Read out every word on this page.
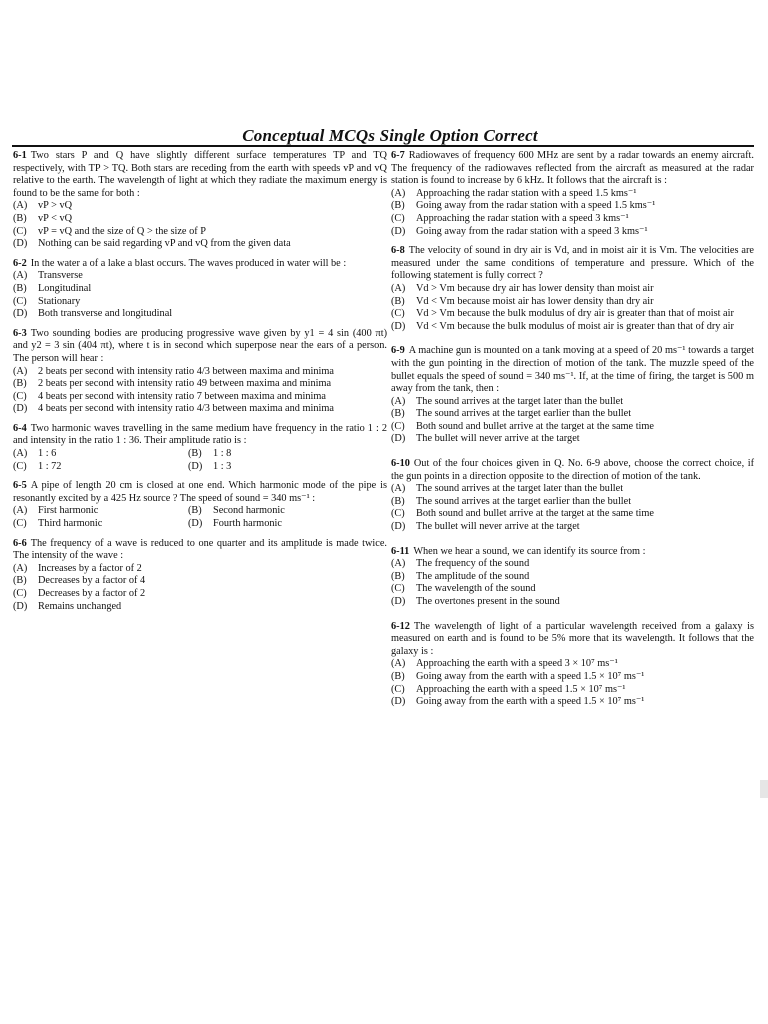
Conceptual MCQs Single Option Correct
6-1 Two stars P and Q have slightly different surface temperatures TP and TQ respectively, with TP > TQ. Both stars are receding from the earth with speeds vP and vQ relative to the earth. The wavelength of light at which they radiate the maximum energy is found to be the same for both :
(A)	vP > vQ
(B)	vP < vQ
(C)	vP = vQ and the size of Q > the size of P
(D)	Nothing can be said regarding vP and vQ from the given data
6-2 In the water a of a lake a blast occurs. The waves produced in water will be :
(A)	Transverse
(B)	Longitudinal
(C)	Stationary
(D)	Both transverse and longitudinal
6-3 Two sounding bodies are producing progressive wave given by y1 = 4 sin (400 πt) and y2 = 3 sin (404 πt), where t is in second which superpose near the ears of a person. The person will hear :
(A)	2 beats per second with intensity ratio 4/3 between maxima and minima
(B)	2 beats per second with intensity ratio 49 between maxima and minima
(C)	4 beats per second with intensity ratio 7 between maxima and minima
(D)	4 beats per second with intensity ratio 4/3 between maxima and minima
6-4 Two harmonic waves travelling in the same medium have frequency in the ratio 1 : 2 and intensity in the ratio 1 : 36. Their amplitude ratio is :
(A)	1 : 6	(B)	1 : 8
(C)	1 : 72	(D)	1 : 3
6-5 A pipe of length 20 cm is closed at one end. Which harmonic mode of the pipe is resonantly excited by a 425 Hz source ? The speed of sound = 340 ms⁻¹ :
(A)	First harmonic	(B)	Second harmonic
(C)	Third harmonic	(D)	Fourth harmonic
6-6 The frequency of a wave is reduced to one quarter and its amplitude is made twice. The intensity of the wave :
(A)	Increases by a factor of 2
(B)	Decreases by a factor of 4
(C)	Decreases by a factor of 2
(D)	Remains unchanged
6-7 Radiowaves of frequency 600 MHz are sent by a radar towards an enemy aircraft. The frequency of the radiowaves reflected from the aircraft as measured at the radar station is found to increase by 6 kHz. It follows that the aircraft is :
(A)	Approaching the radar station with a speed 1.5 kms⁻¹
(B)	Going away from the radar station with a speed 1.5 kms⁻¹
(C)	Approaching the radar station with a speed 3 kms⁻¹
(D)	Going away from the radar station with a speed 3 kms⁻¹
6-8 The velocity of sound in dry air is Vd, and in moist air it is Vm. The velocities are measured under the same conditions of temperature and pressure. Which of the following statement is fully correct ?
(A)	Vd > Vm because dry air has lower density than moist air
(B)	Vd < Vm because moist air has lower density than dry air
(C)	Vd > Vm because the bulk modulus of dry air is greater than that of moist air
(D)	Vd < Vm because the bulk modulus of moist air is greater than that of dry air
6-9 A machine gun is mounted on a tank moving at a speed of 20 ms⁻¹ towards a target with the gun pointing in the direction of motion of the tank. The muzzle speed of the bullet equals the speed of sound = 340 ms⁻¹. If, at the time of firing, the target is 500 m away from the tank, then :
(A)	The sound arrives at the target later than the bullet
(B)	The sound arrives at the target earlier than the bullet
(C)	Both sound and bullet arrive at the target at the same time
(D)	The bullet will never arrive at the target
6-10 Out of the four choices given in Q. No. 6-9 above, choose the correct choice, if the gun points in a direction opposite to the direction of motion of the tank.
(A)	The sound arrives at the target later than the bullet
(B)	The sound arrives at the target earlier than the bullet
(C)	Both sound and bullet arrive at the target at the same time
(D)	The bullet will never arrive at the target
6-11 When we hear a sound, we can identify its source from :
(A)	The frequency of the sound
(B)	The amplitude of the sound
(C)	The wavelength of the sound
(D)	The overtones present in the sound
6-12 The wavelength of light of a particular wavelength received from a galaxy is measured on earth and is found to be 5% more that its wavelength. It follows that the galaxy is :
(A)	Approaching the earth with a speed 3 × 10⁷ ms⁻¹
(B)	Going away from the earth with a speed 1.5 × 10⁷ ms⁻¹
(C)	Approaching the earth with a speed 1.5 × 10⁷ ms⁻¹
(D)	Going away from the earth with a speed 1.5 × 10⁷ ms⁻¹
